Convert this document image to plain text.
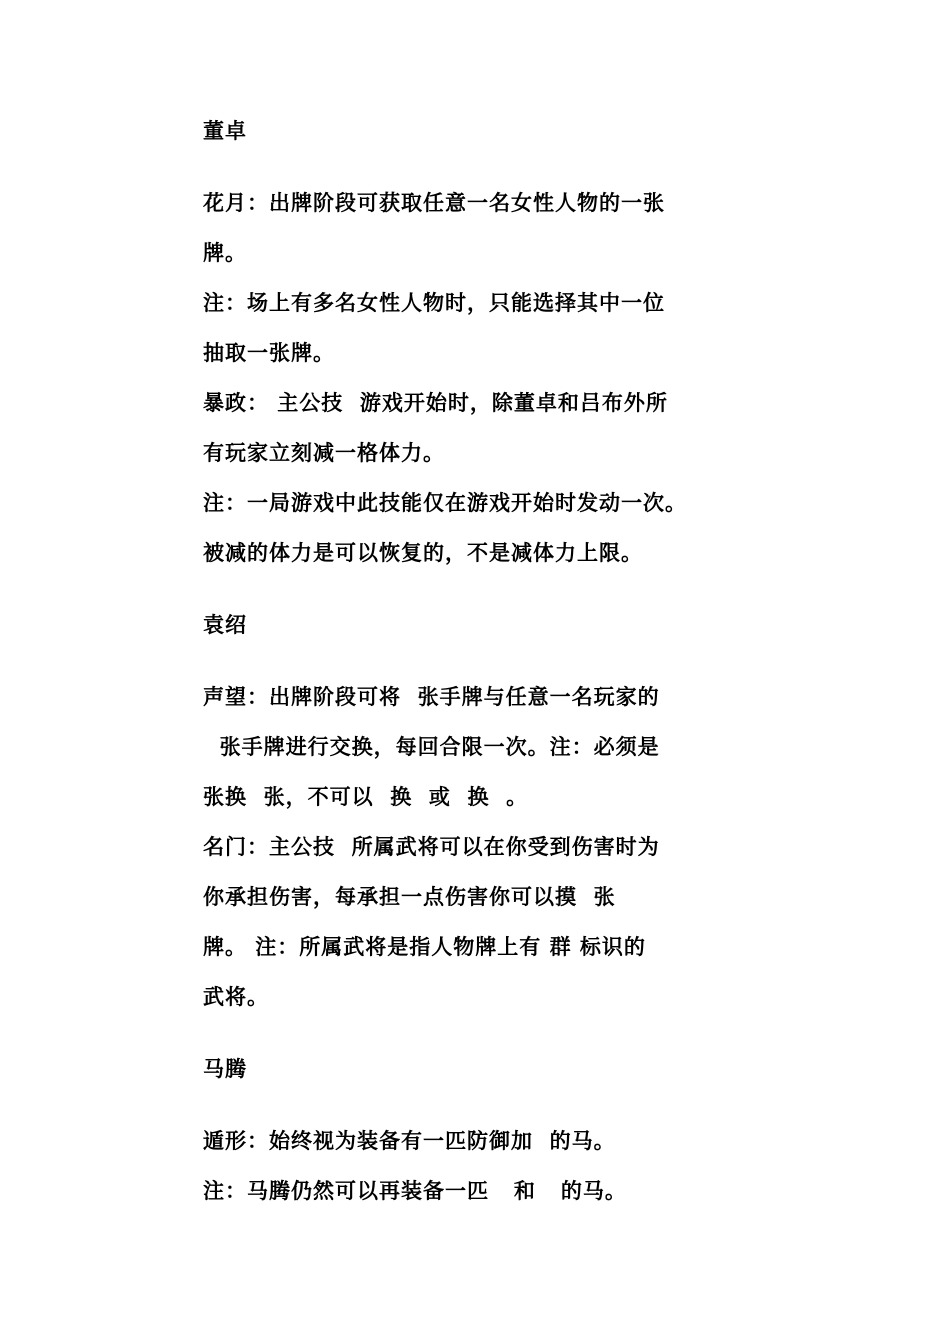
董卓
花月：出牌阶段可获取任意一名女性人物的一张
牌。
注：场上有多名女性人物时，只能选择其中一位
抽取一张牌。
暴政： 主公技  游戏开始时，除董卓和吕布外所
有玩家立刻减一格体力。
注：一局游戏中此技能仅在游戏开始时发动一次。
被减的体力是可以恢复的，不是减体力上限。
袁绍
声望：出牌阶段可将  张手牌与任意一名玩家的
张手牌进行交换，每回合限一次。注：必须是
张换  张，不可以  换  或  换  。
名门：主公技  所属武将可以在你受到伤害时为
你承担伤害，每承担一点伤害你可以摸  张
牌。 注：所属武将是指人物牌上有 群 标识的
武将。
马腾
遁形：始终视为装备有一匹防御加  的马。
注：马腾仍然可以再装备一匹   和   的马。
